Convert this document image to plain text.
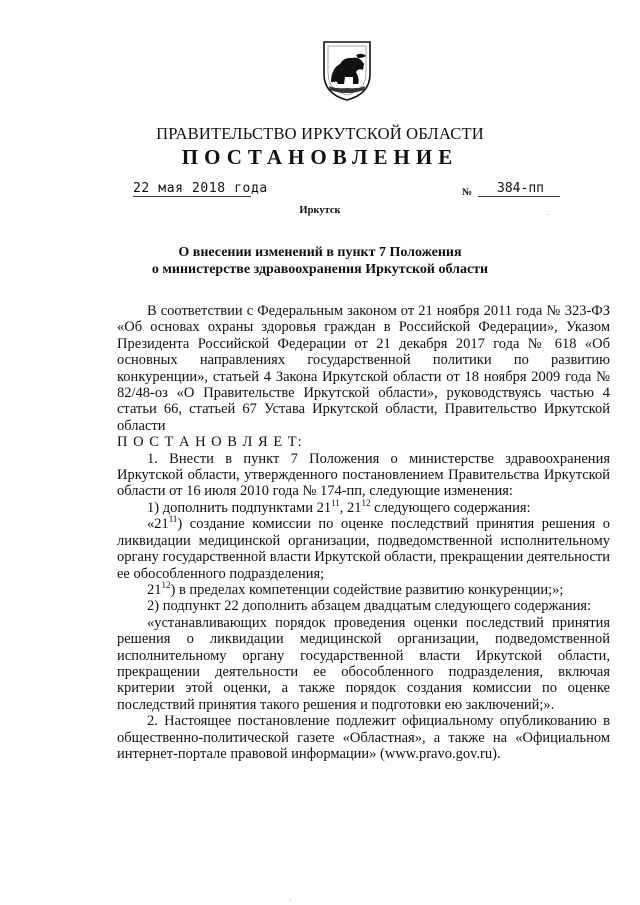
ПРАВИТЕЛЬСТВО ИРКУТСКОЙ ОБЛАСТИ
ПОСТАНОВЛЕНИЕ
22 мая 2018 года	№	384-пп
Иркутск
О внесении изменений в пункт 7 Положения
о министерстве здравоохранения Иркутской области

В соответствии с Федеральным законом от 21 ноября 2011 года № 323-ФЗ «Об основах охраны здоровья граждан в Российской Федерации», Указом Президента Российской Федерации от 21 декабря 2017 года № 618 «Об основных направлениях государственной политики по развитию конкуренции», статьей 4 Закона Иркутской области от 18 ноября 2009 года № 82/48-оз «О Правительстве Иркутской области», руководствуясь частью 4 статьи 66, статьей 67 Устава Иркутской области, Правительство Иркутской области

П О С Т А Н О В Л Я Е Т:

1. Внести в пункт 7 Положения о министерстве здравоохранения Иркутской области, утвержденного постановлением Правительства Иркутской области от 16 июля 2010 года № 174-пп, следующие изменения:

1) дополнить подпунктами $21^{11}$, $21^{12}$ следующего содержания:

«$21^{11}$) создание комиссии по оценке последствий принятия решения о ликвидации медицинской организации, подведомственной исполнительному органу государственной власти Иркутской области, прекращении деятельности ее обособленного подразделения;

$21^{12}$) в пределах компетенции содействие развитию конкуренции;»;

2) подпункт 22 дополнить абзацем двадцатым следующего содержания:

«устанавливающих порядок проведения оценки последствий принятия решения о ликвидации медицинской организации, подведомственной исполнительному органу государственной власти Иркутской области, прекращении деятельности ее обособленного подразделения, включая критерии этой оценки, а также порядок создания комиссии по оценке последствий принятия такого решения и подготовки ею заключений;».

2. Настоящее постановление подлежит официальному опубликованию в общественно-политической газете «Областная», а также на «Официальном интернет-портале правовой информации» (www.pravo.gov.ru).
